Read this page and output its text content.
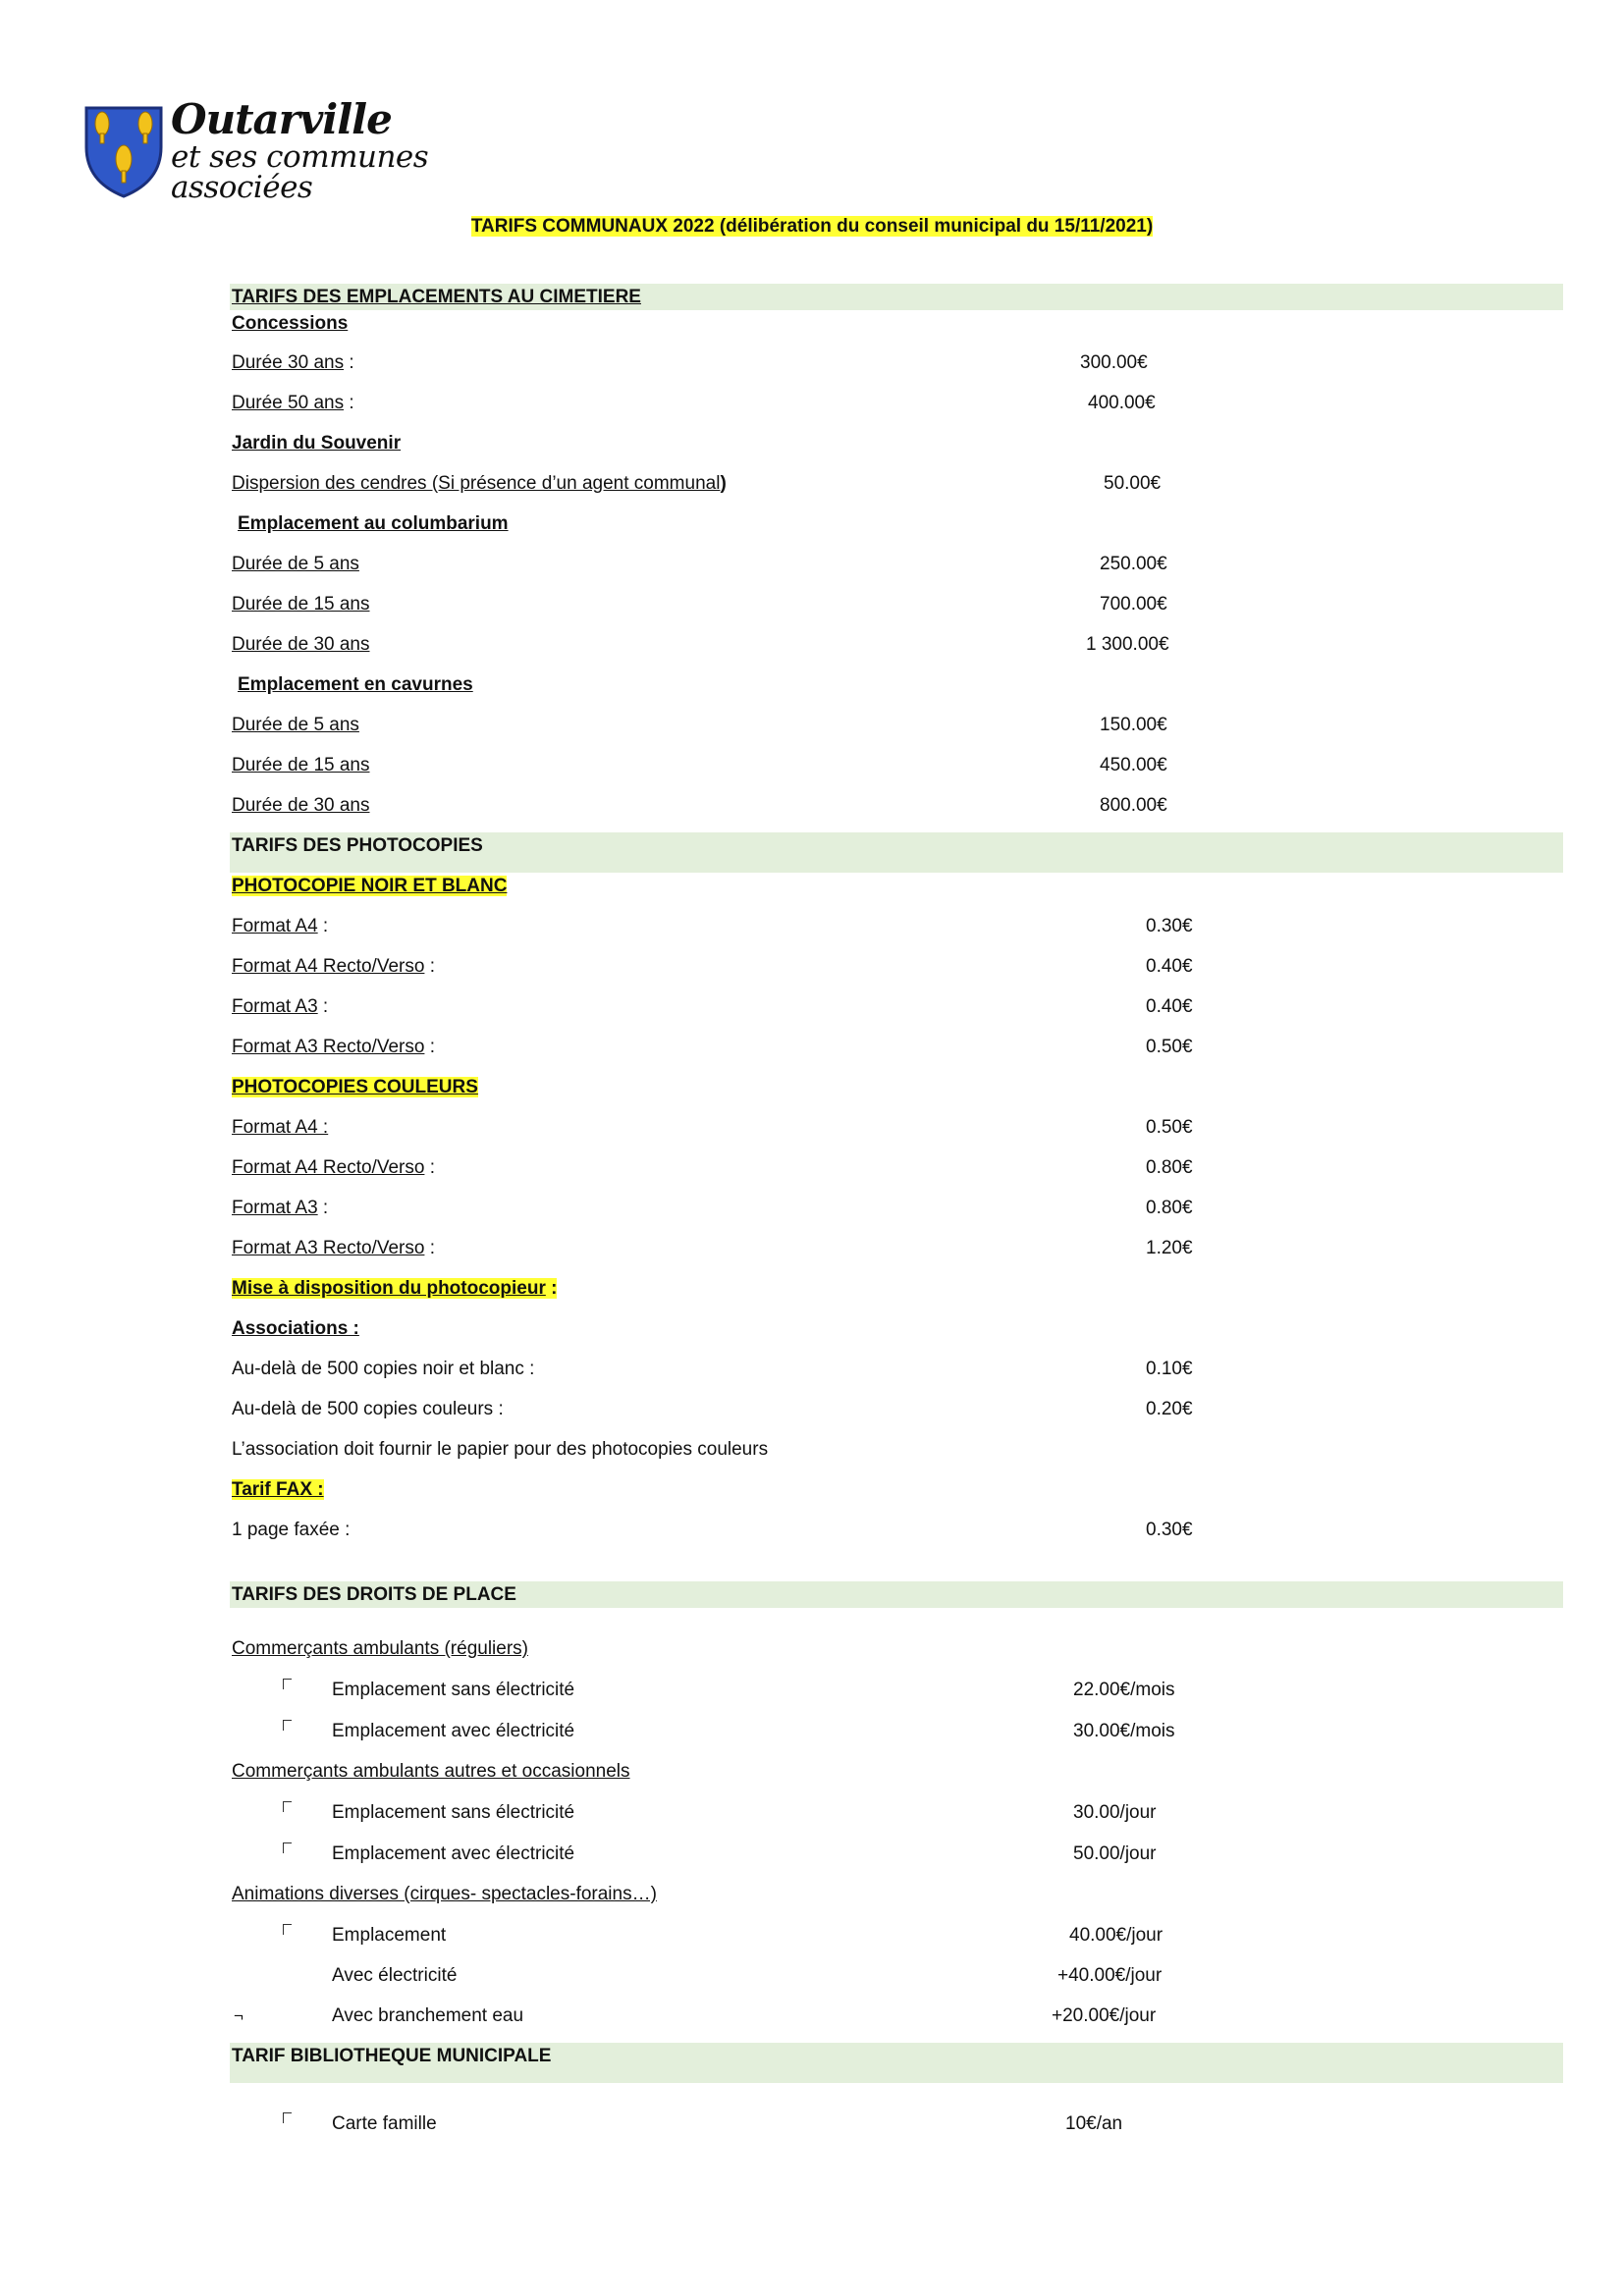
Outarville
et ses communes associées
TARIFS COMMUNAUX 2022 (délibération du conseil municipal du 15/11/2021)
TARIFS DES EMPLACEMENTS AU CIMETIERE
Concessions
Durée 30 ans :	300.00€
Durée 50 ans :	400.00€
Jardin du Souvenir
Dispersion des cendres (Si présence d’un agent communal)	50.00€
Emplacement au columbarium
Durée de 5 ans	250.00€
Durée de 15 ans	700.00€
Durée de 30 ans	1 300.00€
Emplacement en cavurnes
Durée de 5 ans	150.00€
Durée de 15 ans	450.00€
Durée de 30 ans	800.00€
TARIFS DES PHOTOCOPIES
PHOTOCOPIE NOIR ET BLANC
Format A4 :	0.30€
Format A4 Recto/Verso :	0.40€
Format A3 :	0.40€
Format A3 Recto/Verso :	0.50€
PHOTOCOPIES COULEURS
Format A4 :	0.50€
Format A4 Recto/Verso :	0.80€
Format A3 :	0.80€
Format A3 Recto/Verso :	1.20€
Mise à disposition du photocopieur :
Associations :
Au-delà de 500 copies noir et blanc :	0.10€
Au-delà de 500 copies couleurs :	0.20€
L’association doit fournir le papier pour des photocopies couleurs
Tarif FAX :
1 page faxée :	0.30€
TARIFS DES DROITS DE PLACE
Commerçants ambulants (réguliers)
Emplacement sans électricité	22.00€/mois
Emplacement avec électricité	30.00€/mois
Commerçants ambulants autres et occasionnels
Emplacement sans électricité	30.00/jour
Emplacement avec électricité	50.00/jour
Animations diverses (cirques- spectacles-forains…)
Emplacement	40.00€/jour
Avec électricité	+40.00€/jour
¬	Avec branchement eau	+20.00€/jour
TARIF BIBLIOTHEQUE MUNICIPALE
Carte famille	10€/an
